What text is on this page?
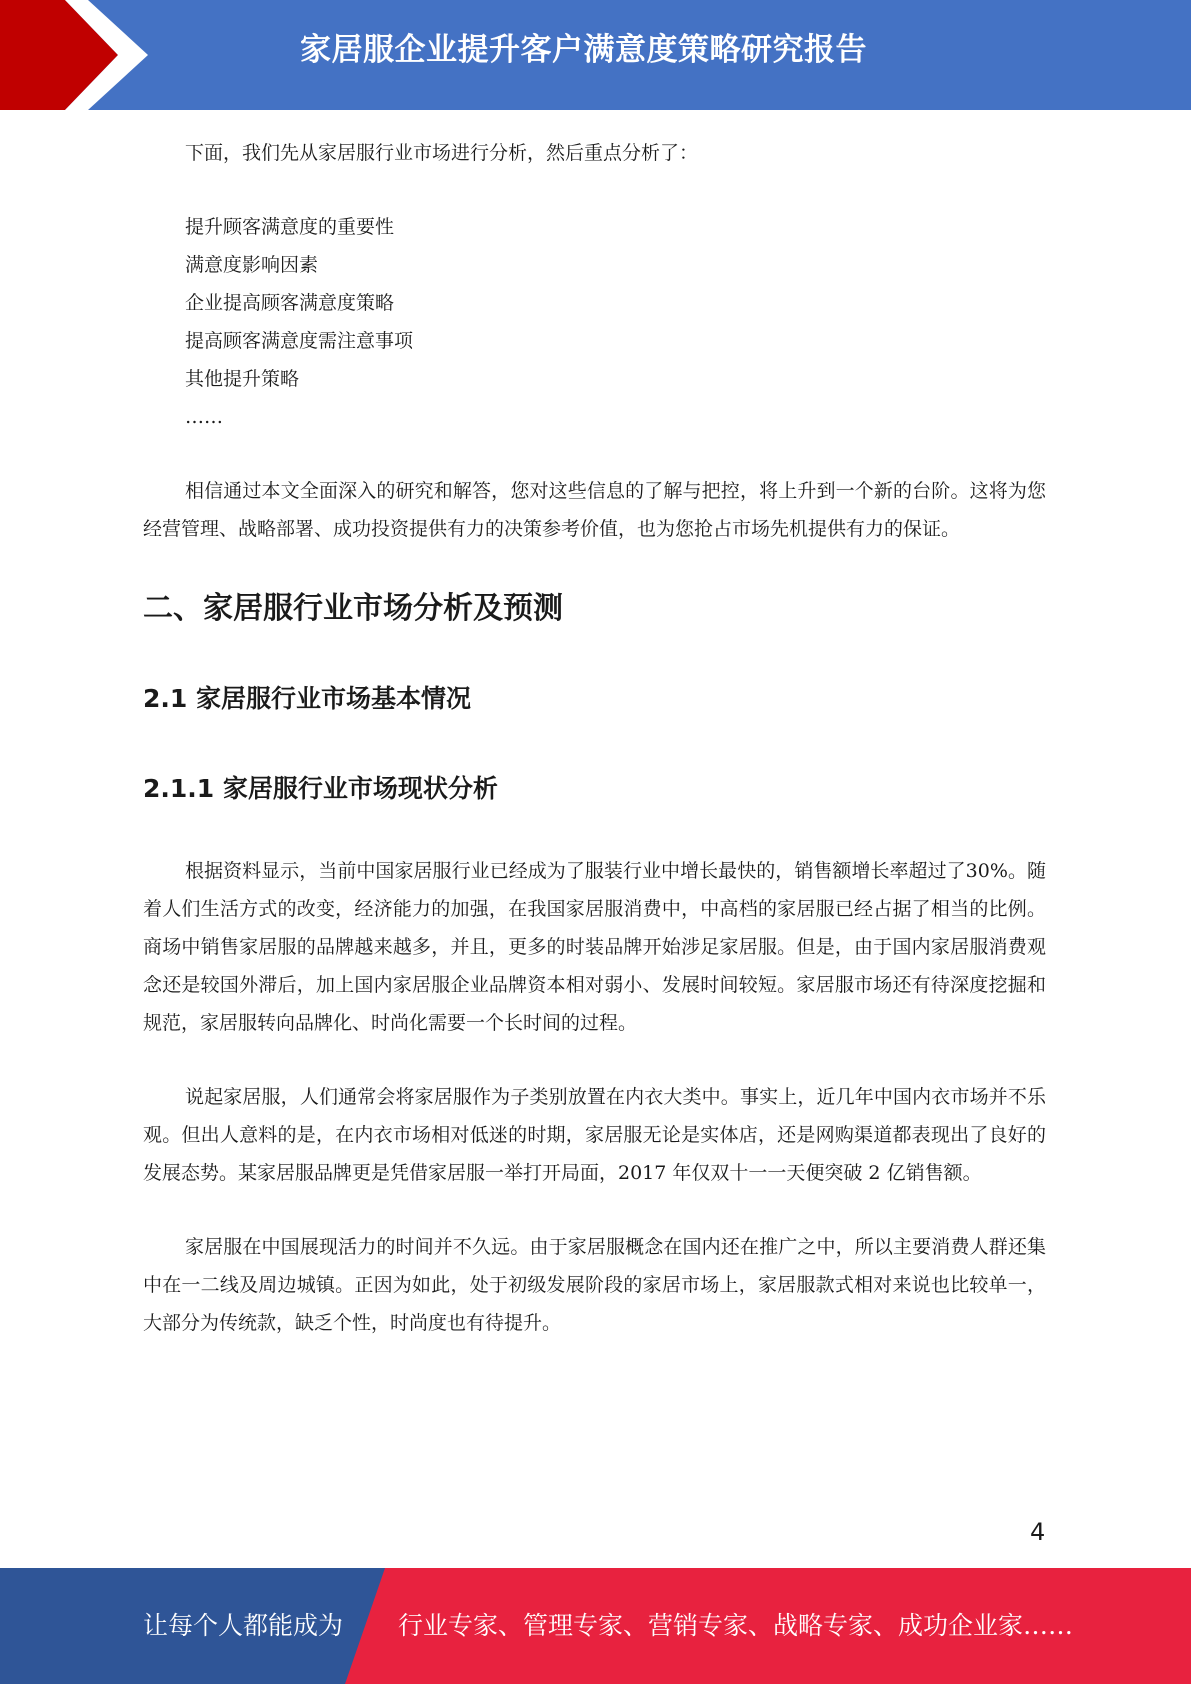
家居服企业提升客户满意度策略研究报告

下面，我们先从家居服行业市场进行分析，然后重点分析了：

提升顾客满意度的重要性
满意度影响因素
企业提高顾客满意度策略
提高顾客满意度需注意事项
其他提升策略
……

相信通过本文全面深入的研究和解答，您对这些信息的了解与把控，将上升到一个新的台阶。这将为您经营管理、战略部署、成功投资提供有力的决策参考价值，也为您抢占市场先机提供有力的保证。

二、家居服行业市场分析及预测
2.1 家居服行业市场基本情况
2.1.1 家居服行业市场现状分析

根据资料显示，当前中国家居服行业已经成为了服装行业中增长最快的，销售额增长率超过了30%。随着人们生活方式的改变，经济能力的加强，在我国家居服消费中，中高档的家居服已经占据了相当的比例。商场中销售家居服的品牌越来越多，并且，更多的时装品牌开始涉足家居服。但是，由于国内家居服消费观念还是较国外滞后，加上国内家居服企业品牌资本相对弱小、发展时间较短。家居服市场还有待深度挖掘和规范，家居服转向品牌化、时尚化需要一个长时间的过程。

说起家居服，人们通常会将家居服作为子类别放置在内衣大类中。事实上，近几年中国内衣市场并不乐观。但出人意料的是，在内衣市场相对低迷的时期，家居服无论是实体店，还是网购渠道都表现出了良好的发展态势。某家居服品牌更是凭借家居服一举打开局面，2017 年仅双十一一天便突破 2 亿销售额。

家居服在中国展现活力的时间并不久远。由于家居服概念在国内还在推广之中，所以主要消费人群还集中在一二线及周边城镇。正因为如此，处于初级发展阶段的家居市场上，家居服款式相对来说也比较单一，大部分为传统款，缺乏个性，时尚度也有待提升。

4
让每个人都能成为 行业专家、管理专家、营销专家、战略专家、成功企业家……
